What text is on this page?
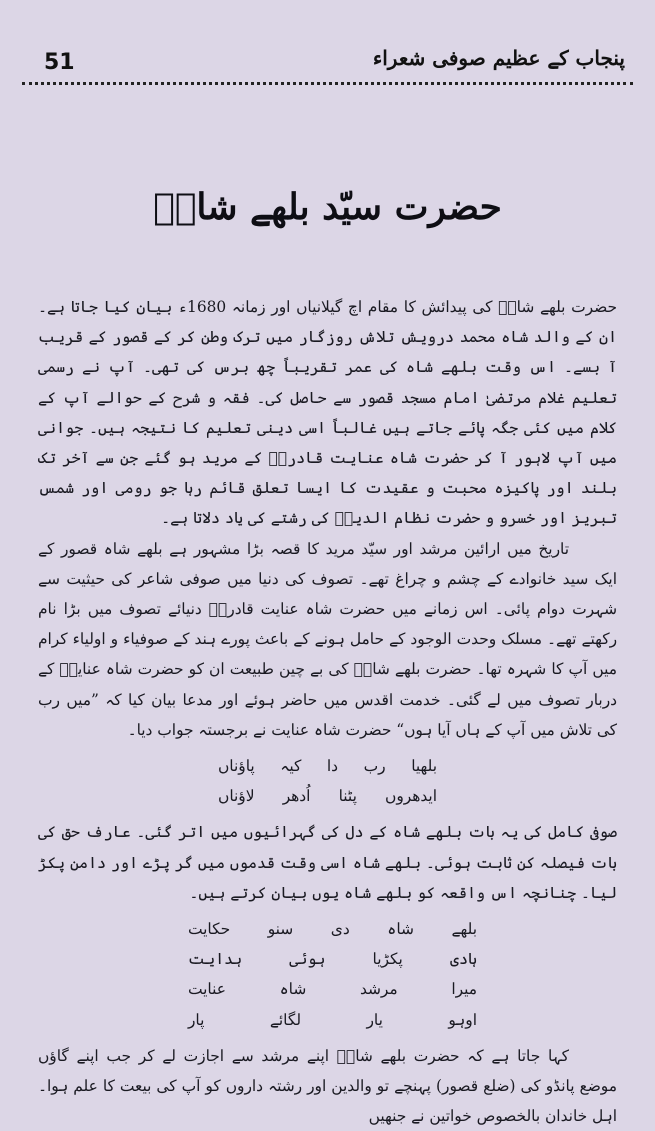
51	پنجاب کے عظیم صوفی شعراء
حضرت سیّد بلھے شاہؒ

حضرت بلھے شاہؒ کی پیدائش کا مقام اچ گیلانیاں اور زمانہ 1680ء بیان کیا جاتا ہے۔ ان کے والد شاہ محمد درویش تلاش روزگار میں ترک وطن کر کے قصور کے قریب آ بسے۔ اس وقت بلھے شاہ کی عمر تقریباً چھ برس کی تھی۔ آپ نے رسمی تعلیم غلام مرتضیٰ امام مسجد قصور سے حاصل کی۔ فقہ و شرح کے حوالے آپ کے کلام میں کئی جگہ پائے جاتے ہیں غالباً اسی دینی تعلیم کا نتیجہ ہیں۔ جوانی میں آپ لاہور آ کر حضرت شاہ عنایت قادریؒ کے مرید ہو گئے جن سے آخر تک بلند اور پاکیزہ محبت و عقیدت کا ایسا تعلق قائم رہا جو رومی اور شمس تبریز اور خسرو و حضرت نظام الدینؒ کی رشتے کی یاد دلاتا ہے۔

تاریخ میں ارائین مرشد اور سیّد مرید کا قصہ بڑا مشہور ہے بلھے شاہ قصور کے ایک سید خانوادے کے چشم و چراغ تھے۔ تصوف کی دنیا میں صوفی شاعر کی حیثیت سے شہرت دوام پائی۔ اس زمانے میں حضرت شاہ عنایت قادریؒ دنیائے تصوف میں بڑا نام رکھتے تھے۔ مسلک وحدت الوجود کے حامل ہونے کے باعث پورے ہند کے صوفیاء و اولیاء کرام میں آپ کا شہرہ تھا۔ حضرت بلھے شاہؒ کی بے چین طبیعت ان کو حضرت شاہ عنایتؒ کے دربار تصوف میں لے گئی۔ خدمت اقدس میں حاضر ہوئے اور مدعا بیان کیا کہ ”میں رب کی تلاش میں آپ کے ہاں آیا ہوں“ حضرت شاہ عنایت نے برجستہ جواب دیا۔

بلھیا
رب
دا
کیہ
پاؤناں
ایدھروں
پٹنا
اُدھر
لاؤناں

صوفی کامل کی یہ بات بلھے شاہ کے دل کی گہرائیوں میں اتر گئی۔ عارف حق کی بات فیصلہ کن ثابت ہوئی۔ بلھے شاہ اسی وقت قدموں میں گر پڑے اور دامن پکڑ لیا۔ چنانچہ اس واقعہ کو بلھے شاہ یوں بیان کرتے ہیں۔

بلھے
شاہ
دی
سنو
حکایت
ہادی
پکڑیا
ہوئی
ہدایت
میرا
مرشد
شاہ
عنایت
اوہو
یار
لگائے
پار

کہا جاتا ہے کہ حضرت بلھے شاہؒ اپنے مرشد سے اجازت لے کر جب اپنے گاؤں موضع پانڈو کی (ضلع قصور) پہنچے تو والدین اور رشتہ داروں کو آپ کی بیعت کا علم ہوا۔ اہل خاندان بالخصوص خواتین نے جنھیں
